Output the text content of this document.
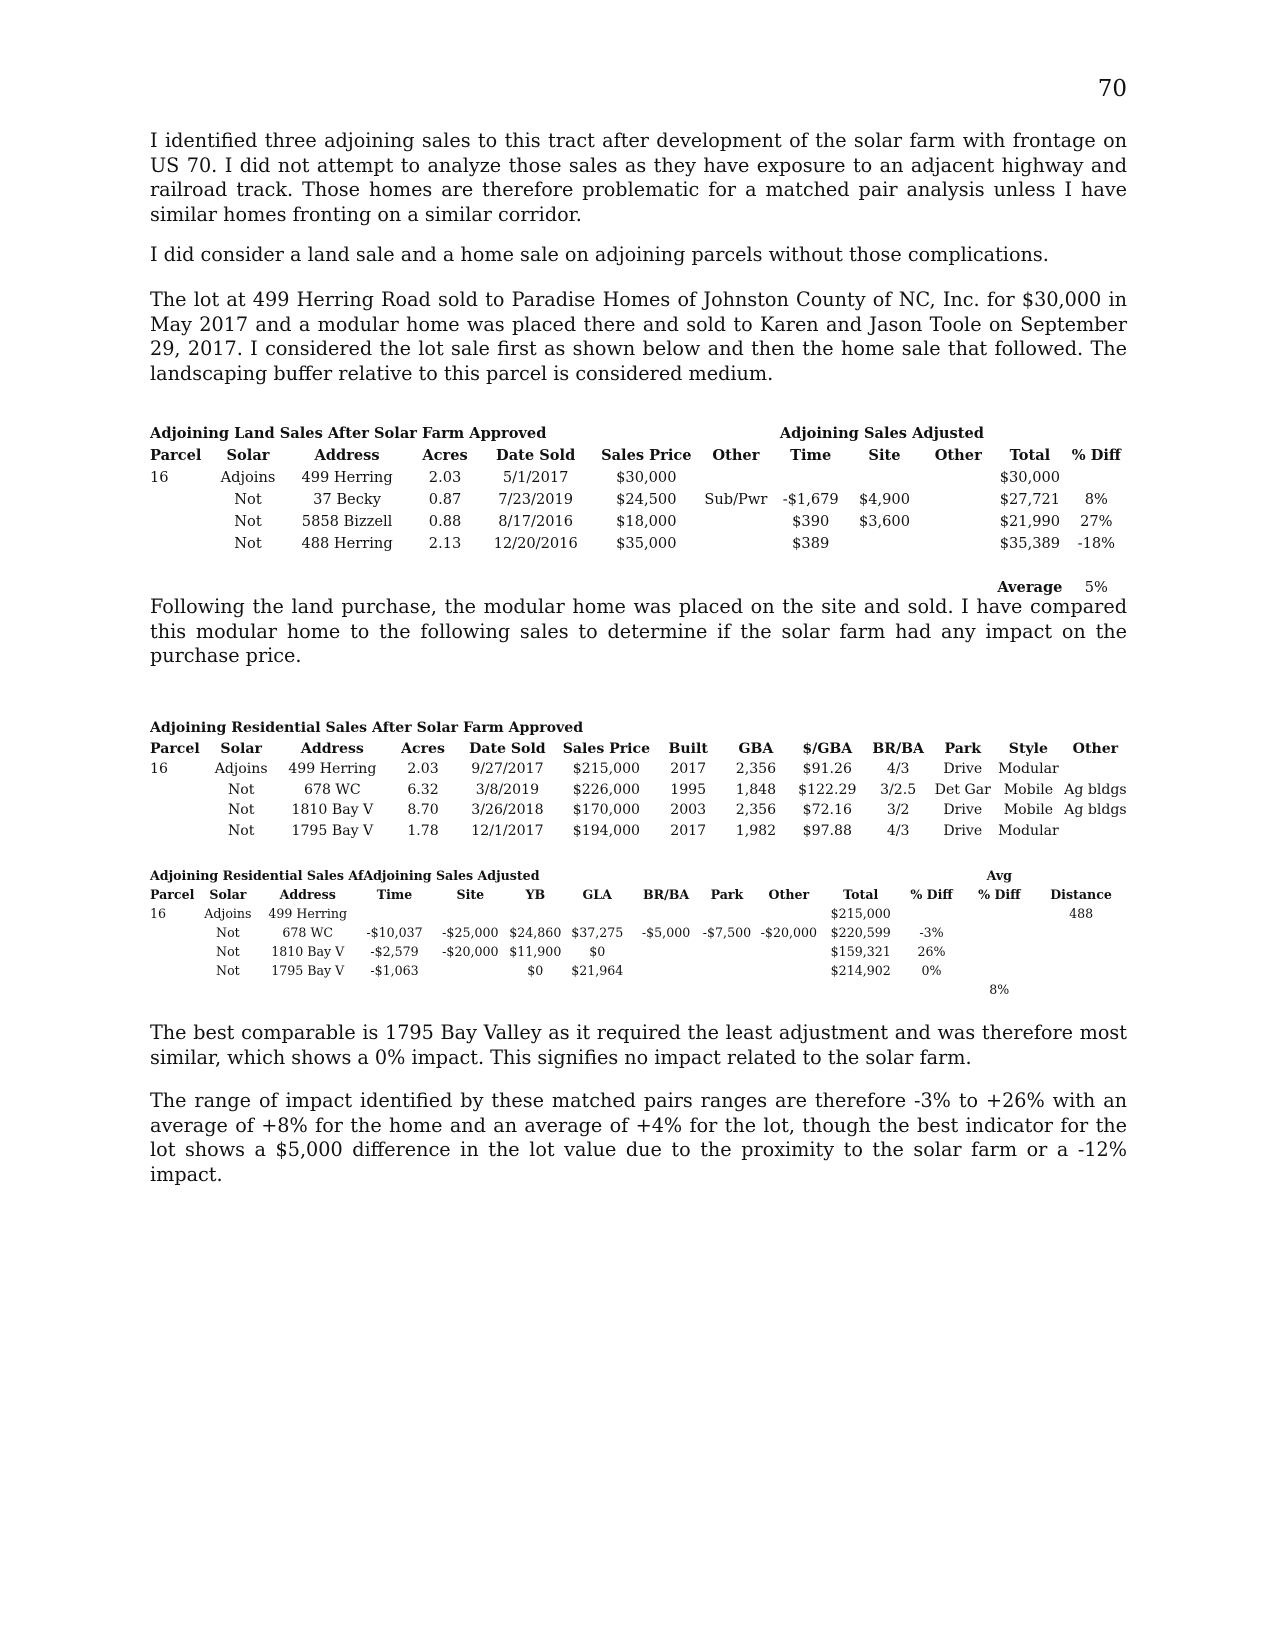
70

I identified three adjoining sales to this tract after development of the solar farm with frontage on US 70. I did not attempt to analyze those sales as they have exposure to an adjacent highway and railroad track. Those homes are therefore problematic for a matched pair analysis unless I have similar homes fronting on a similar corridor.

I did consider a land sale and a home sale on adjoining parcels without those complications.

The lot at 499 Herring Road sold to Paradise Homes of Johnston County of NC, Inc. for $30,000 in May 2017 and a modular home was placed there and sold to Karen and Jason Toole on September 29, 2017. I considered the lot sale first as shown below and then the home sale that followed. The landscaping buffer relative to this parcel is considered medium.

Adjoining Land Sales After Solar Farm Approved							Adjoining Sales Adjusted				
Parcel	Solar	Address	Acres	Date Sold	Sales Price	Other	Time	Site	Other	Total	% Diff
16	Adjoins	499 Herring	2.03	5/1/2017	$30,000					$30,000	
	Not	37 Becky	0.87	7/23/2019	$24,500	Sub/Pwr	-$1,679	$4,900		$27,721	8%
	Not	5858 Bizzell	0.88	8/17/2016	$18,000		$390	$3,600		$21,990	27%
	Not	488 Herring	2.13	12/20/2016	$35,000		$389			$35,389	-18%

										Average	5%

Following the land purchase, the modular home was placed on the site and sold. I have compared this modular home to the following sales to determine if the solar farm had any impact on the purchase price.

Adjoining Residential Sales After Solar Farm Approved												
Parcel	Solar	Address	Acres	Date Sold	Sales Price	Built	GBA	$/GBA	BR/BA	Park	Style	Other
16	Adjoins	499 Herring	2.03	9/27/2017	$215,000	2017	2,356	$91.26	4/3	Drive	Modular	
	Not	678 WC	6.32	3/8/2019	$226,000	1995	1,848	$122.29	3/2.5	Det Gar	Mobile	Ag bldgs
	Not	1810 Bay V	8.70	3/26/2018	$170,000	2003	2,356	$72.16	3/2	Drive	Mobile	Ag bldgs
	Not	1795 Bay V	1.78	12/1/2017	$194,000	2017	1,982	$97.88	4/3	Drive	Modular	
Adjoining Residential Sales AfAdjoining Sales Adjusted												Avg	
Parcel	Solar	Address	Time	Site	YB	GLA	BR/BA	Park	Other	Total	% Diff	% Diff	Distance
16	Adjoins	499 Herring								$215,000			488
	Not	678 WC	-$10,037	-$25,000	$24,860	$37,275	-$5,000	-$7,500	-$20,000	$220,599	-3%		
	Not	1810 Bay V	-$2,579	-$20,000	$11,900	$0				$159,321	26%		
	Not	1795 Bay V	-$1,063		$0	$21,964				$214,902	0%		
												8%	

The best comparable is 1795 Bay Valley as it required the least adjustment and was therefore most similar, which shows a 0% impact. This signifies no impact related to the solar farm.

The range of impact identified by these matched pairs ranges are therefore -3% to +26% with an average of +8% for the home and an average of +4% for the lot, though the best indicator for the lot shows a $5,000 difference in the lot value due to the proximity to the solar farm or a -12% impact.
